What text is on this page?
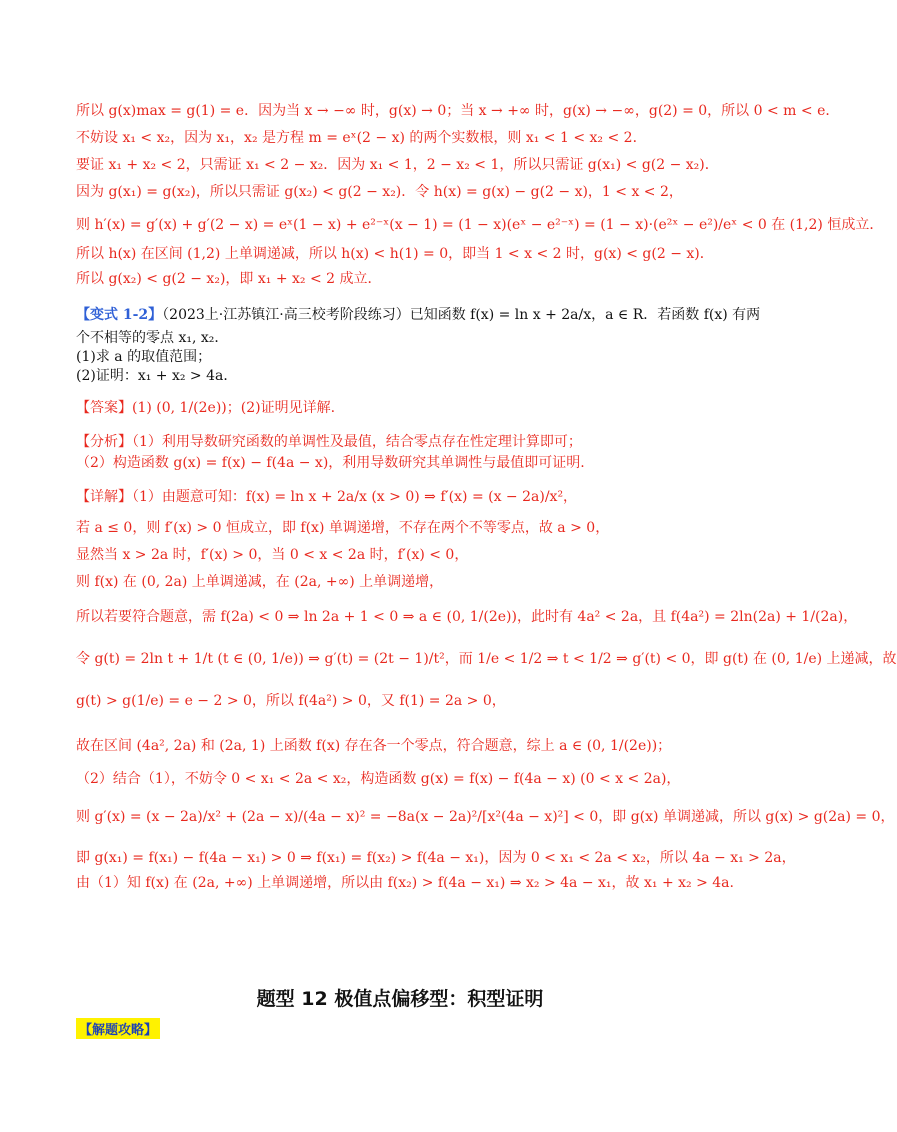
所以 g(x)max = g(1) = e．因为当 x → −∞ 时，g(x) → 0；当 x → +∞ 时，g(x) → −∞，g(2) = 0，所以 0 < m < e．
不妨设 x₁ < x₂，因为 x₁，x₂ 是方程 m = eˣ(2 − x) 的两个实数根，则 x₁ < 1 < x₂ < 2．
要证 x₁ + x₂ < 2，只需证 x₁ < 2 − x₂．因为 x₁ < 1，2 − x₂ < 1，所以只需证 g(x₁) < g(2 − x₂)．
因为 g(x₁) = g(x₂)，所以只需证 g(x₂) < g(2 − x₂)．令 h(x) = g(x) − g(2 − x)，1 < x < 2，
则 h′(x) = g′(x) + g′(2 − x) = eˣ(1 − x) + e²⁻ˣ(x − 1) = (1 − x)(eˣ − e²⁻ˣ) = (1 − x)·(e²ˣ − e²)/eˣ < 0 在 (1,2) 恒成立．
所以 h(x) 在区间 (1,2) 上单调递减，所以 h(x) < h(1) = 0，即当 1 < x < 2 时，g(x) < g(2 − x)．
所以 g(x₂) < g(2 − x₂)，即 x₁ + x₂ < 2 成立．
【变式 1-2】（2023上·江苏镇江·高三校考阶段练习）已知函数 f(x) = ln x + 2a/x，a ∈ R．若函数 f(x) 有两
个不相等的零点 x₁, x₂．
(1)求 a 的取值范围；
(2)证明：x₁ + x₂ > 4a．
【答案】(1) (0, 1/(2e))；(2)证明见详解.
【分析】（1）利用导数研究函数的单调性及最值，结合零点存在性定理计算即可；
（2）构造函数 g(x) = f(x) − f(4a − x)，利用导数研究其单调性与最值即可证明.
【详解】（1）由题意可知：f(x) = ln x + 2a/x (x > 0) ⇒ f′(x) = (x − 2a)/x²，
若 a ≤ 0，则 f′(x) > 0 恒成立，即 f(x) 单调递增，不存在两个不等零点，故 a > 0，
显然当 x > 2a 时，f′(x) > 0，当 0 < x < 2a 时，f′(x) < 0，
则 f(x) 在 (0, 2a) 上单调递减，在 (2a, +∞) 上单调递增，
所以若要符合题意，需 f(2a) < 0 ⇒ ln 2a + 1 < 0 ⇒ a ∈ (0, 1/(2e))，此时有 4a² < 2a，且 f(4a²) = 2ln(2a) + 1/(2a)，
令 g(t) = 2ln t + 1/t (t ∈ (0, 1/e)) ⇒ g′(t) = (2t − 1)/t²，而 1/e < 1/2 ⇒ t < 1/2 ⇒ g′(t) < 0，即 g(t) 在 (0, 1/e) 上递减，故
g(t) > g(1/e) = e − 2 > 0，所以 f(4a²) > 0，又 f(1) = 2a > 0，
故在区间 (4a², 2a) 和 (2a, 1) 上函数 f(x) 存在各一个零点，符合题意，综上 a ∈ (0, 1/(2e))；
（2）结合（1），不妨令 0 < x₁ < 2a < x₂，构造函数 g(x) = f(x) − f(4a − x) (0 < x < 2a)，
则 g′(x) = (x − 2a)/x² + (2a − x)/(4a − x)² = −8a(x − 2a)²/[x²(4a − x)²] < 0，即 g(x) 单调递减，所以 g(x) > g(2a) = 0，
即 g(x₁) = f(x₁) − f(4a − x₁) > 0 ⇒ f(x₁) = f(x₂) > f(4a − x₁)，因为 0 < x₁ < 2a < x₂，所以 4a − x₁ > 2a，
由（1）知 f(x) 在 (2a, +∞) 上单调递增，所以由 f(x₂) > f(4a − x₁) ⇒ x₂ > 4a − x₁，故 x₁ + x₂ > 4a.
题型 12 极值点偏移型：积型证明
【解题攻略】
